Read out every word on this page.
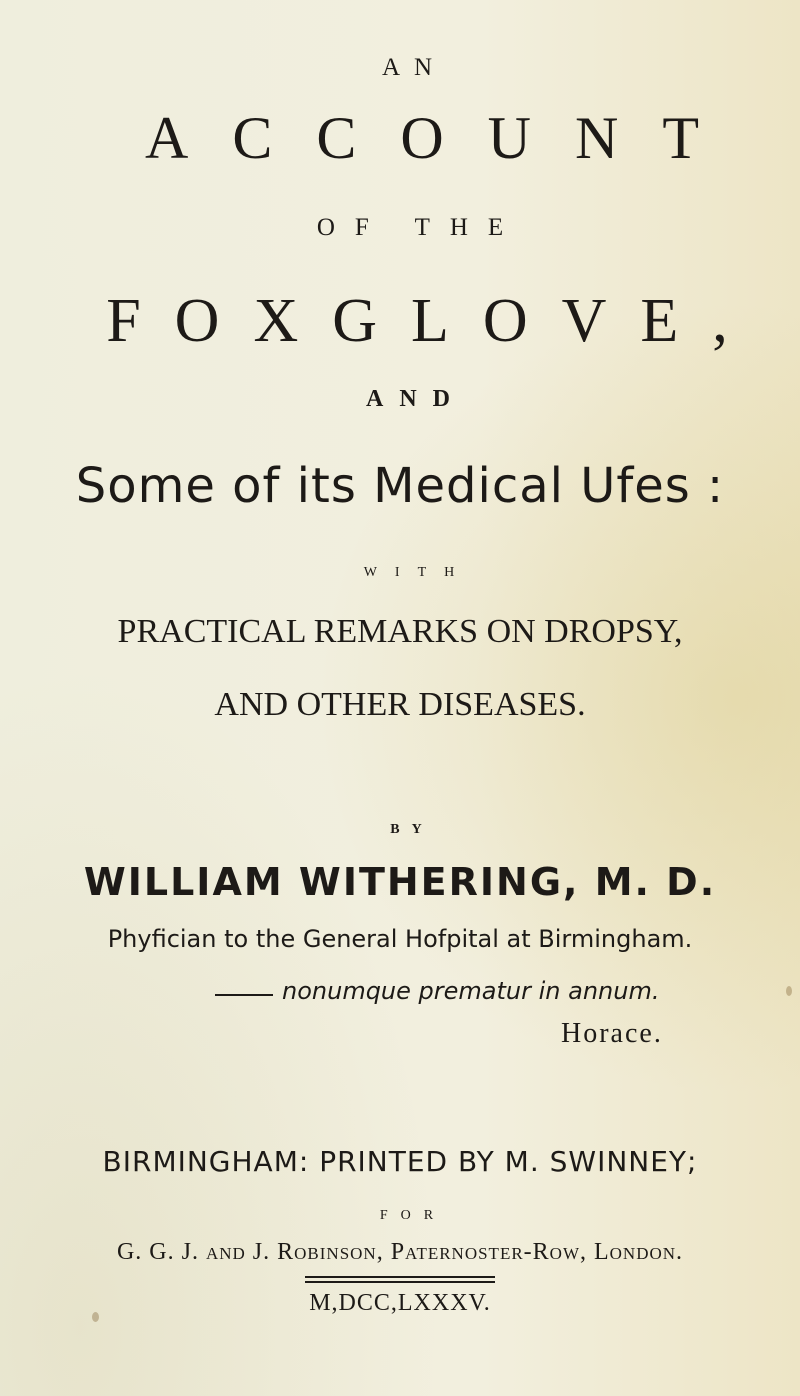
AN
ACCOUNT
OF THE
FOXGLOVE,
AND
Some of its Medical Ufes :
WITH
PRACTICAL REMARKS ON DROPSY,
AND OTHER DISEASES.
BY
WILLIAM WITHERING, M. D.
Phyfician to the General Hofpital at Birmingham.
nonumque prematur in annum.
Horace.
BIRMINGHAM: PRINTED BY M. SWINNEY;
FOR
G. G. J. and J. Robinson, Paternoster-Row, London.
M,DCC,LXXXV.
